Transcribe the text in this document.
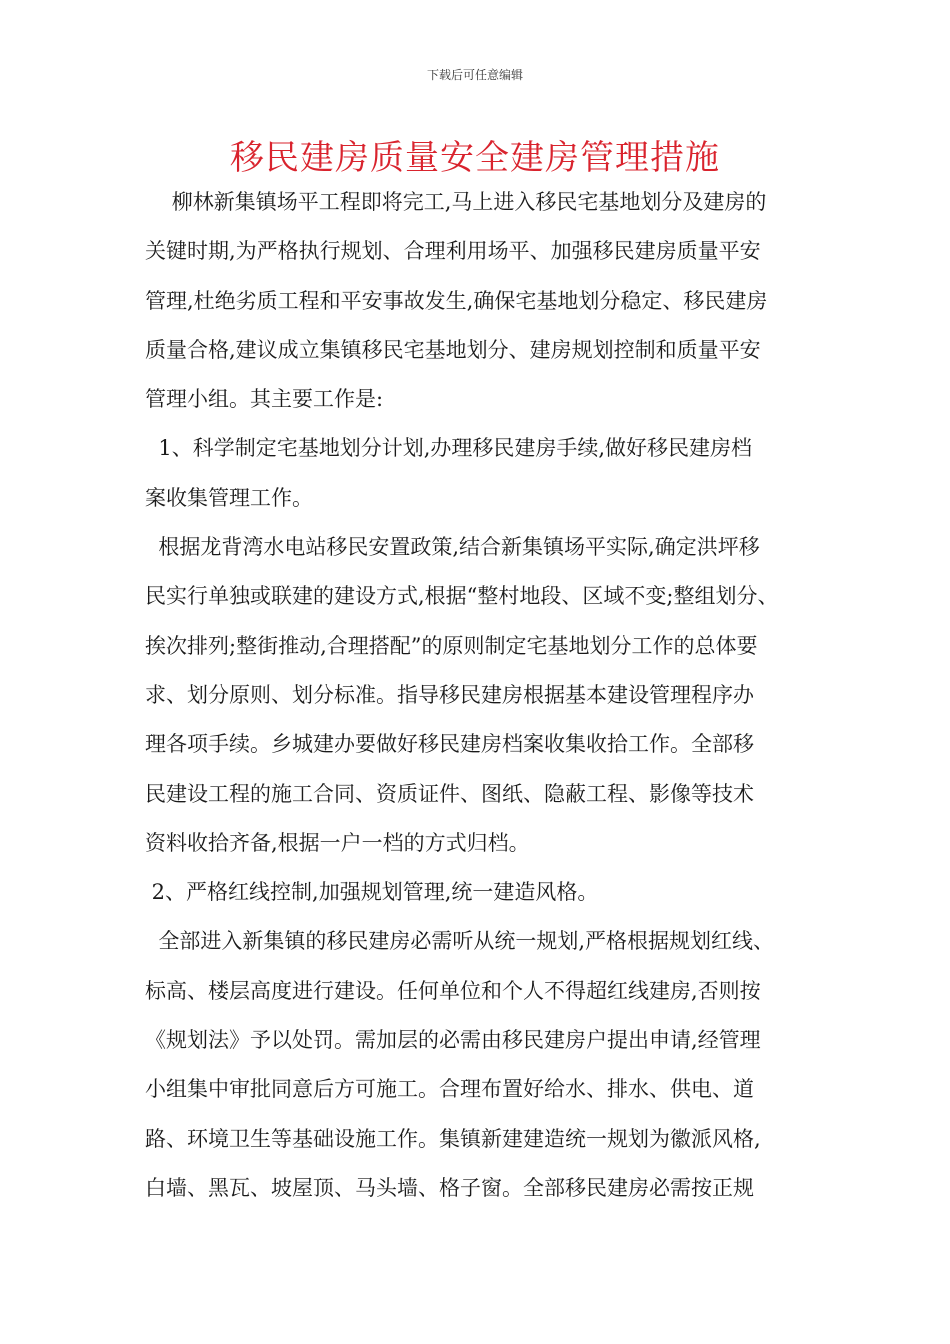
下载后可任意编辑
移民建房质量安全建房管理措施
柳林新集镇场平工程即将完工,马上进入移民宅基地划分及建房的
关键时期,为严格执行规划、合理利用场平、加强移民建房质量平安
管理,杜绝劣质工程和平安事故发生,确保宅基地划分稳定、移民建房
质量合格,建议成立集镇移民宅基地划分、建房规划控制和质量平安
管理小组。其主要工作是:
1、科学制定宅基地划分计划,办理移民建房手续,做好移民建房档
案收集管理工作。
根据龙背湾水电站移民安置政策,结合新集镇场平实际,确定洪坪移
民实行单独或联建的建设方式,根据“整村地段、区域不变;整组划分、
挨次排列;整街推动,合理搭配”的原则制定宅基地划分工作的总体要
求、划分原则、划分标准。指导移民建房根据基本建设管理程序办
理各项手续。乡城建办要做好移民建房档案收集收拾工作。全部移
民建设工程的施工合同、资质证件、图纸、隐蔽工程、影像等技术
资料收拾齐备,根据一户一档的方式归档。
2、严格红线控制,加强规划管理,统一建造风格。
全部进入新集镇的移民建房必需听从统一规划,严格根据规划红线、
标高、楼层高度进行建设。任何单位和个人不得超红线建房,否则按
《规划法》予以处罚。需加层的必需由移民建房户提出申请,经管理
小组集中审批同意后方可施工。合理布置好给水、排水、供电、道
路、环境卫生等基础设施工作。集镇新建建造统一规划为徽派风格,
白墙、黑瓦、坡屋顶、马头墙、格子窗。全部移民建房必需按正规
